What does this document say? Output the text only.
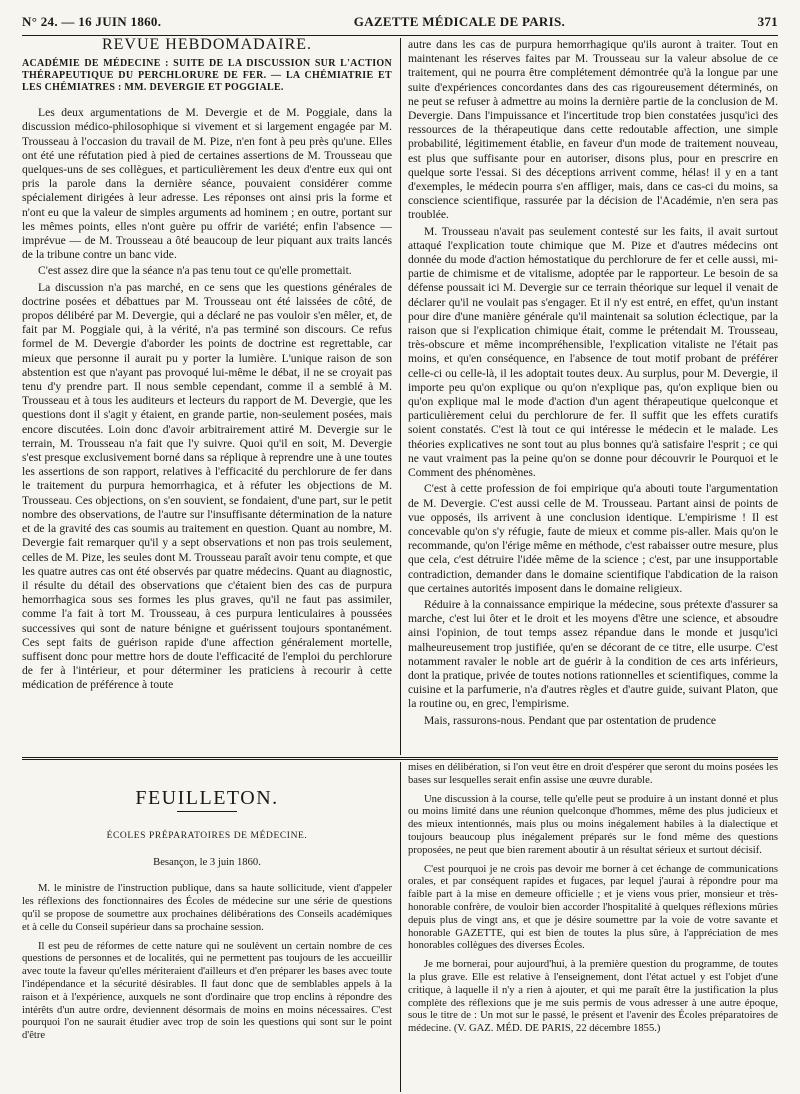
N° 24. — 16 JUIN 1860.	GAZETTE MÉDICALE DE PARIS.	371

REVUE HEBDOMADAIRE.

ACADÉMIE DE MÉDECINE : SUITE DE LA DISCUSSION SUR L'ACTION THÉRAPEUTIQUE DU PERCHLORURE DE FER. — LA CHÉMIATRIE ET LES CHÉMIATRES : MM. DEVERGIE ET POGGIALE.

Les deux argumentations de M. Devergie et de M. Poggiale, dans la discussion médico-philosophique si vivement et si largement engagée par M. Trousseau à l'occasion du travail de M. Pize, n'en font à peu près qu'une. Elles ont été une réfutation pied à pied de certaines assertions de M. Trousseau que quelques-uns de ses collègues, et particulièrement les deux d'entre eux qui ont pris la parole dans la dernière séance, pouvaient considérer comme spécialement dirigées à leur adresse. Les réponses ont ainsi pris la forme et n'ont eu que la valeur de simples arguments ad hominem ; en outre, portant sur les mêmes points, elles n'ont guère pu offrir de variété; enfin l'absence — imprévue — de M. Trousseau a ôté beaucoup de leur piquant aux traits lancés de la tribune contre un banc vide.

C'est assez dire que la séance n'a pas tenu tout ce qu'elle promettait.

La discussion n'a pas marché, en ce sens que les questions générales de doctrine posées et débattues par M. Trousseau ont été laissées de côté, de propos délibéré par M. Devergie, qui a déclaré ne pas vouloir s'en mêler, et, de fait par M. Poggiale qui, à la vérité, n'a pas terminé son discours. Ce refus formel de M. Devergie d'aborder les points de doctrine est regrettable, car mieux que personne il aurait pu y porter la lumière. L'unique raison de son abstention est que n'ayant pas provoqué lui-même le débat, il ne se croyait pas tenu d'y prendre part. Il nous semble cependant, comme il a semblé à M. Trousseau et à tous les auditeurs et lecteurs du rapport de M. Devergie, que les questions dont il s'agit y étaient, en grande partie, non-seulement posées, mais encore discutées. Loin donc d'avoir arbitrairement attiré M. Devergie sur le terrain, M. Trousseau n'a fait que l'y suivre. Quoi qu'il en soit, M. Devergie s'est presque exclusivement borné dans sa réplique à reprendre une à une toutes les assertions de son rapport, relatives à l'efficacité du perchlorure de fer dans le traitement du purpura hemorrhagica, et à réfuter les objections de M. Trousseau. Ces objections, on s'en souvient, se fondaient, d'une part, sur le petit nombre des observations, de l'autre sur l'insuffisante détermination de la nature et de la gravité des cas soumis au traitement en question. Quant au nombre, M. Devergie fait remarquer qu'il y a sept observations et non pas trois seulement, celles de M. Pize, les seules dont M. Trousseau paraît avoir tenu compte, et que les quatre autres cas ont été observés par quatre médecins. Quant au diagnostic, il résulte du détail des observations que c'étaient bien des cas de purpura hemorrhagica sous ses formes les plus graves, qu'il ne faut pas assimiler, comme l'a fait à tort M. Trousseau, à ces purpura lenticulaires à poussées successives qui sont de nature bénigne et guérissent toujours spontanément. Ces sept faits de guérison rapide d'une affection généralement mortelle, suffisent donc pour mettre hors de doute l'efficacité de l'emploi du perchlorure de fer à l'intérieur, et pour déterminer les praticiens à recourir à cette médication de préférence à toute

autre dans les cas de purpura hemorrhagique qu'ils auront à traiter. Tout en maintenant les réserves faites par M. Trousseau sur la valeur absolue de ce traitement, qui ne pourra être complétement démontrée qu'à la longue par une suite d'expériences concordantes dans des cas rigoureusement déterminés, on ne peut se refuser à admettre au moins la dernière partie de la conclusion de M. Devergie. Dans l'impuissance et l'incertitude trop bien constatées jusqu'ici des ressources de la thérapeutique dans cette redoutable affection, une simple probabilité, légitimement établie, en faveur d'un mode de traitement nouveau, est plus que suffisante pour en autoriser, disons plus, pour en prescrire en quelque sorte l'essai. Si des déceptions arrivent comme, hélas! il y en a tant d'exemples, le médecin pourra s'en affliger, mais, dans ce cas-ci du moins, sa conscience scientifique, rassurée par la décision de l'Académie, n'en sera pas troublée.

M. Trousseau n'avait pas seulement contesté sur les faits, il avait surtout attaqué l'explication toute chimique que M. Pize et d'autres médecins ont donnée du mode d'action hémostatique du perchlorure de fer et celle aussi, mi-partie de chimisme et de vitalisme, adoptée par le rapporteur. Le besoin de sa défense poussait ici M. Devergie sur ce terrain théorique sur lequel il venait de déclarer qu'il ne voulait pas s'engager. Et il n'y est entré, en effet, qu'un instant pour dire d'une manière générale qu'il maintenait sa solution éclectique, par la raison que si l'explication chimique était, comme le prétendait M. Trousseau, très-obscure et même incompréhensible, l'explication vitaliste ne l'était pas moins, et qu'en conséquence, en l'absence de tout motif probant de préférer celle-ci ou celle-là, il les adoptait toutes deux. Au surplus, pour M. Devergie, il importe peu qu'on explique ou qu'on n'explique pas, qu'on explique bien ou qu'on explique mal le mode d'action d'un agent thérapeutique quelconque et particulièrement celui du perchlorure de fer. Il suffit que les effets curatifs soient constatés. C'est là tout ce qui intéresse le médecin et le malade. Les théories explicatives ne sont tout au plus bonnes qu'à satisfaire l'esprit ; ce qui ne vaut vraiment pas la peine qu'on se donne pour découvrir le Pourquoi et le Comment des phénomènes.

C'est à cette profession de foi empirique qu'a abouti toute l'argumentation de M. Devergie. C'est aussi celle de M. Trousseau. Partant ainsi de points de vue opposés, ils arrivent à une conclusion identique. L'empirisme ! Il est concevable qu'on s'y réfugie, faute de mieux et comme pis-aller. Mais qu'on le recommande, qu'on l'érige même en méthode, c'est rabaisser outre mesure, plus que cela, c'est détruire l'idée même de la science ; c'est, par une insupportable contradiction, demander dans le domaine scientifique l'abdication de la raison que certaines autorités imposent dans le domaine religieux.

Réduire à la connaissance empirique la médecine, sous prétexte d'assurer sa marche, c'est lui ôter et le droit et les moyens d'être une science, et absoudre ainsi l'opinion, de tout temps assez répandue dans le monde et jusqu'ici malheureusement trop justifiée, qu'en se décorant de ce titre, elle usurpe. C'est notamment ravaler le noble art de guérir à la condition de ces arts inférieurs, dont la pratique, privée de toutes notions rationnelles et scientifiques, comme la cuisine et la parfumerie, n'a d'autres règles et d'autre guide, suivant Platon, que la routine ou, en grec, l'empirisme.

Mais, rassurons-nous. Pendant que par ostentation de prudence

FEUILLETON.

ÉCOLES PRÉPARATOIRES DE MÉDECINE.

Besançon, le 3 juin 1860.

M. le ministre de l'instruction publique, dans sa haute sollicitude, vient d'appeler les réflexions des fonctionnaires des Écoles de médecine sur une série de questions qu'il se propose de soumettre aux prochaines délibérations des Conseils académiques et à celle du Conseil supérieur dans sa prochaine session.

Il est peu de réformes de cette nature qui ne soulèvent un certain nombre de ces questions de personnes et de localités, qui ne permettent pas toujours de les accueillir avec toute la faveur qu'elles mériteraient d'ailleurs et d'en préparer les bases avec toute l'indépendance et la sécurité désirables. Il faut donc que de semblables appels à la raison et à l'expérience, auxquels ne sont d'ordinaire que trop enclins à répondre des intérêts d'un autre ordre, deviennent désormais de moins en moins nécessaires. C'est pourquoi l'on ne saurait étudier avec trop de soin les questions qui sont sur le point d'être

mises en délibération, si l'on veut être en droit d'espérer que seront du moins posées les bases sur lesquelles serait enfin assise une œuvre durable.

Une discussion à la course, telle qu'elle peut se produire à un instant donné et plus ou moins limité dans une réunion quelconque d'hommes, même des plus judicieux et des mieux intentionnés, mais plus ou moins inégalement habiles à la dialectique et toujours beaucoup plus inégalement préparés sur le fond même des questions proposées, ne peut que bien rarement aboutir à un résultat sérieux et surtout décisif.

C'est pourquoi je ne crois pas devoir me borner à cet échange de communications orales, et par conséquent rapides et fugaces, par lequel j'aurai à répondre pour ma faible part à la mise en demeure officielle ; et je viens vous prier, monsieur et très-honorable confrère, de vouloir bien accorder l'hospitalité à quelques réflexions mûries depuis plus de vingt ans, et que je désire soumettre par la voie de votre savante et honorable GAZETTE, qui est bien de toutes la plus sûre, à l'appréciation de mes honorables collègues des diverses Écoles.

Je me bornerai, pour aujourd'hui, à la première question du programme, de toutes la plus grave. Elle est relative à l'enseignement, dont l'état actuel y est l'objet d'une critique, à laquelle il n'y a rien à ajouter, et qui me paraît être la justification la plus complète des réflexions que je me suis permis de vous adresser à une autre époque, sous le titre de : Un mot sur le passé, le présent et l'avenir des Écoles préparatoires de médecine. (V. GAZ. MÉD. DE PARIS, 22 décembre 1855.)
